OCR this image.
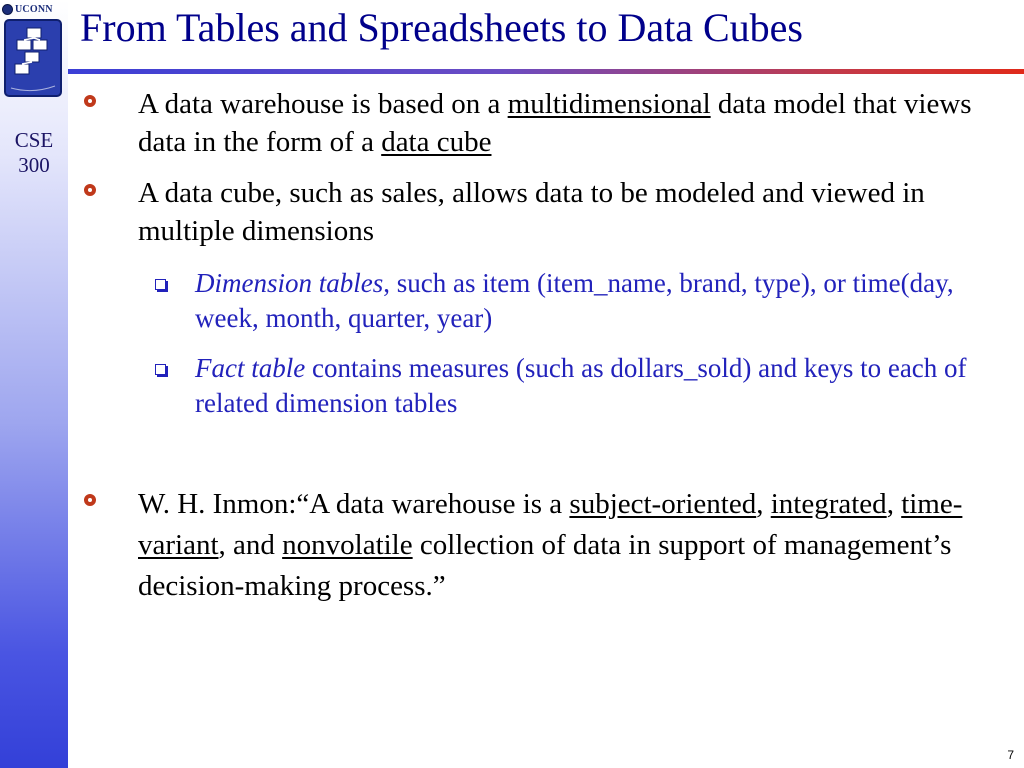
UCONN
CSE
300
From Tables and Spreadsheets to Data Cubes
A data warehouse is based on a multidimensional data model that views data in the form of a data cube
A data cube, such as sales, allows data to be modeled and viewed in multiple dimensions
Dimension tables, such as item (item_name, brand, type), or time(day, week, month, quarter, year)
Fact table contains measures (such as dollars_sold) and keys to each of related dimension tables
W. H. Inmon:“A data warehouse is a subject-oriented, integrated, time-variant, and nonvolatile collection of data in support of management’s decision-making process.”
7
